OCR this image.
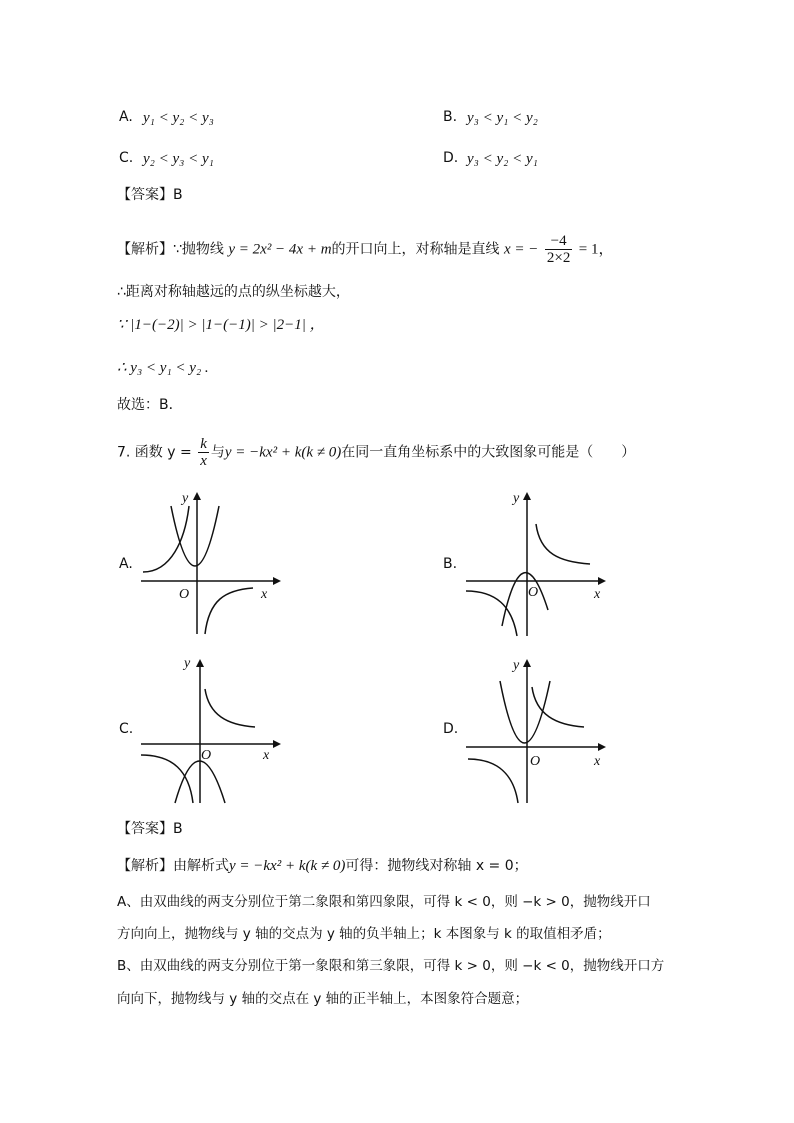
A. y₁ < y₂ < y₃	B. y₃ < y₁ < y₂
C. y₂ < y₃ < y₁	D. y₃ < y₂ < y₁
【答案】B
【解析】∵抛物线 y = 2x² − 4x + m的开口向上，对称轴是直线 x = − $\frac{-4}{2\times 2} = 1$，
∴距离对称轴越远的点的纵坐标越大，
∵ |1−(−2)| > |1−(−1)| > |2−1| ，
∴ y₃ < y₁ < y₂ .
故选：B．
7. 函数 $y = \frac{k}{x}$ 与y = −kx² + k(k ≠ 0)在同一直角坐标系中的大致图象可能是（　　）
A.	B.
C.	D.
x
y
O	x
y
O
x
y
O	x
y
O
【答案】B
【解析】由解析式y = −kx² + k(k ≠ 0)可得：抛物线对称轴 x = 0；
A、由双曲线的两支分别位于第二象限和第四象限，可得 k < 0，则 −k > 0，抛物线开口
方向向上，抛物线与 y 轴的交点为 y 轴的负半轴上；k 本图象与 k 的取值相矛盾；
B、由双曲线的两支分别位于第一象限和第三象限，可得 k > 0，则 −k < 0，抛物线开口方
向向下，抛物线与 y 轴的交点在 y 轴的正半轴上，本图象符合题意；
